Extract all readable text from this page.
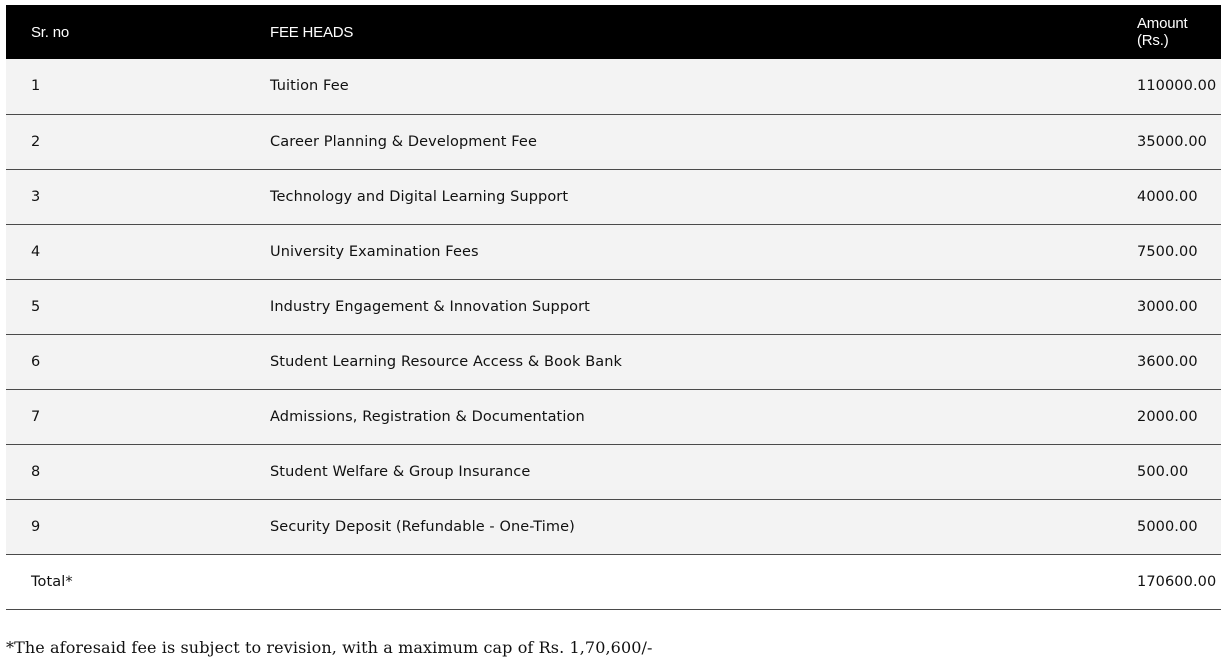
Sr. no	FEE HEADS	Amount (Rs.)
1	Tuition Fee	110000.00
2	Career Planning & Development Fee	35000.00
3	Technology and Digital Learning Support	4000.00
4	University Examination Fees	7500.00
5	Industry Engagement & Innovation Support	3000.00
6	Student Learning Resource Access & Book Bank	3600.00
7	Admissions, Registration & Documentation	2000.00
8	Student Welfare & Group Insurance	500.00
9	Security Deposit (Refundable - One-Time)	5000.00
Total*		170600.00

*The aforesaid fee is subject to revision, with a maximum cap of Rs. 1,70,600/-
